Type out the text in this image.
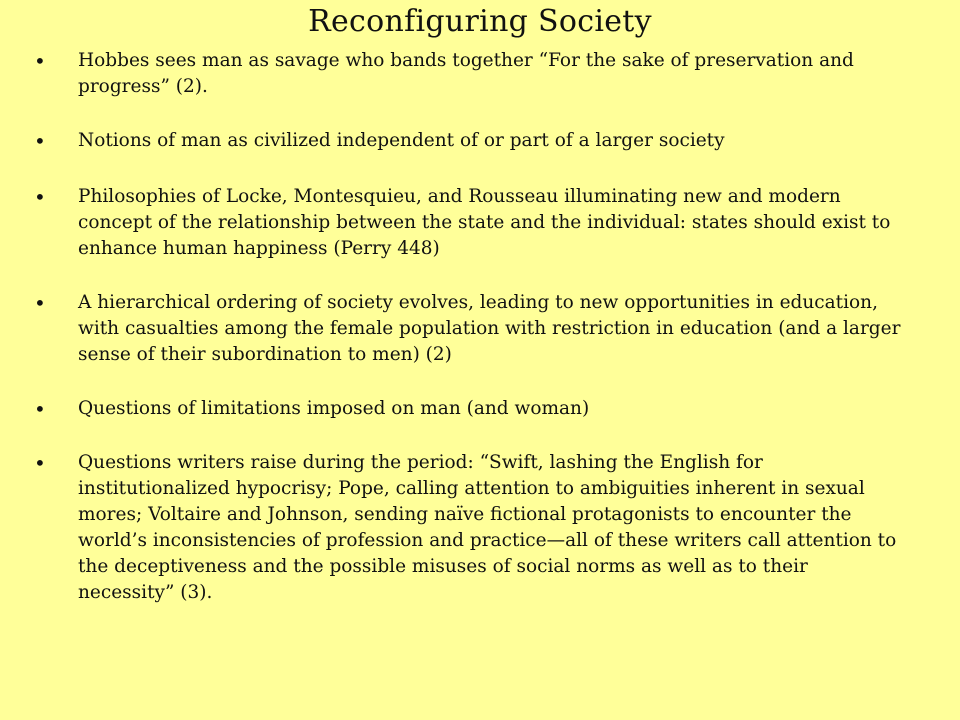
Reconfiguring Society
•	Hobbes sees man as savage who bands together “For the sake of preservation and progress” (2).
•	Notions of man as civilized independent of or part of a larger society
•	Philosophies of Locke, Montesquieu, and Rousseau illuminating new and modern concept of the relationship between the state and the individual: states should exist to enhance human happiness (Perry 448)
•	A hierarchical ordering of society evolves, leading to new opportunities in education, with casualties among the female population with restriction in education (and a larger sense of their subordination to men) (2)
•	Questions of limitations imposed on man (and woman)
•	Questions writers raise during the period: “Swift, lashing the English for institutionalized hypocrisy; Pope, calling attention to ambiguities inherent in sexual mores; Voltaire and Johnson, sending naïve fictional protagonists to encounter the world’s inconsistencies of profession and practice—all of these writers call attention to the deceptiveness and the possible misuses of social norms as well as to their necessity” (3).
